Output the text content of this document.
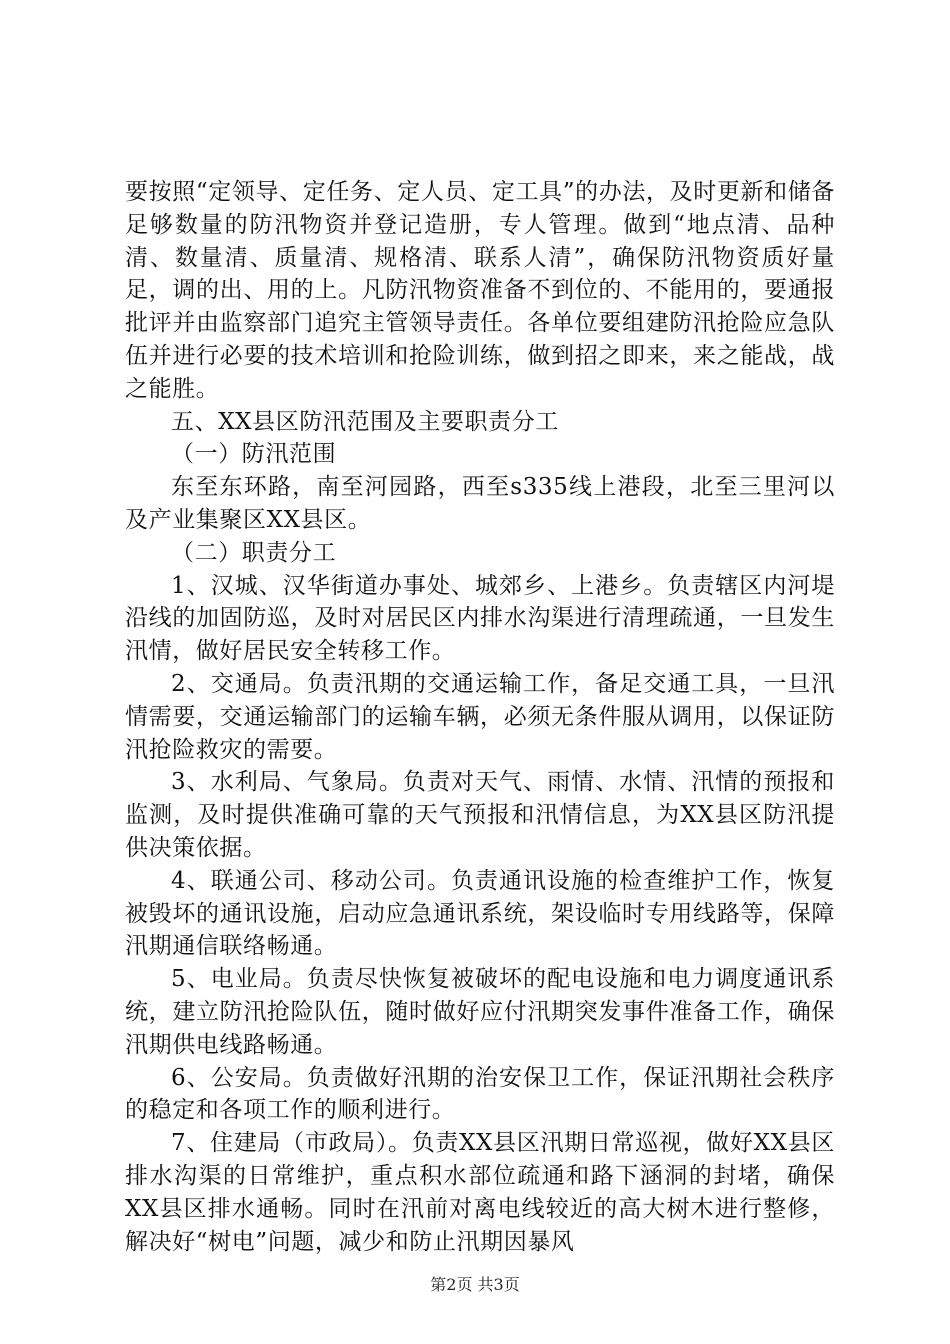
要按照“定领导、定任务、定人员、定工具”的办法，及时更新和储备足够数量的防汛物资并登记造册，专人管理。做到“地点清、品种清、数量清、质量清、规格清、联系人清”，确保防汛物资质好量足，调的出、用的上。凡防汛物资准备不到位的、不能用的，要通报批评并由监察部门追究主管领导责任。各单位要组建防汛抢险应急队伍并进行必要的技术培训和抢险训练，做到招之即来，来之能战，战之能胜。

五、XX县区防汛范围及主要职责分工

（一）防汛范围

东至东环路，南至河园路，西至s335线上港段，北至三里河以及产业集聚区XX县区。

（二）职责分工

1、汉城、汉华街道办事处、城郊乡、上港乡。负责辖区内河堤沿线的加固防巡，及时对居民区内排水沟渠进行清理疏通，一旦发生汛情，做好居民安全转移工作。

2、交通局。负责汛期的交通运输工作，备足交通工具，一旦汛情需要，交通运输部门的运输车辆，必须无条件服从调用，以保证防汛抢险救灾的需要。

3、水利局、气象局。负责对天气、雨情、水情、汛情的预报和监测，及时提供准确可靠的天气预报和汛情信息，为XX县区防汛提供决策依据。

4、联通公司、移动公司。负责通讯设施的检查维护工作，恢复被毁坏的通讯设施，启动应急通讯系统，架设临时专用线路等，保障汛期通信联络畅通。

5、电业局。负责尽快恢复被破坏的配电设施和电力调度通讯系统，建立防汛抢险队伍，随时做好应付汛期突发事件准备工作，确保汛期供电线路畅通。

6、公安局。负责做好汛期的治安保卫工作，保证汛期社会秩序的稳定和各项工作的顺利进行。

7、住建局（市政局）。负责XX县区汛期日常巡视，做好XX县区排水沟渠的日常维护，重点积水部位疏通和路下涵洞的封堵，确保XX县区排水通畅。同时在汛前对离电线较近的高大树木进行整修，解决好“树电”问题，减少和防止汛期因暴风

第2页 共3页
